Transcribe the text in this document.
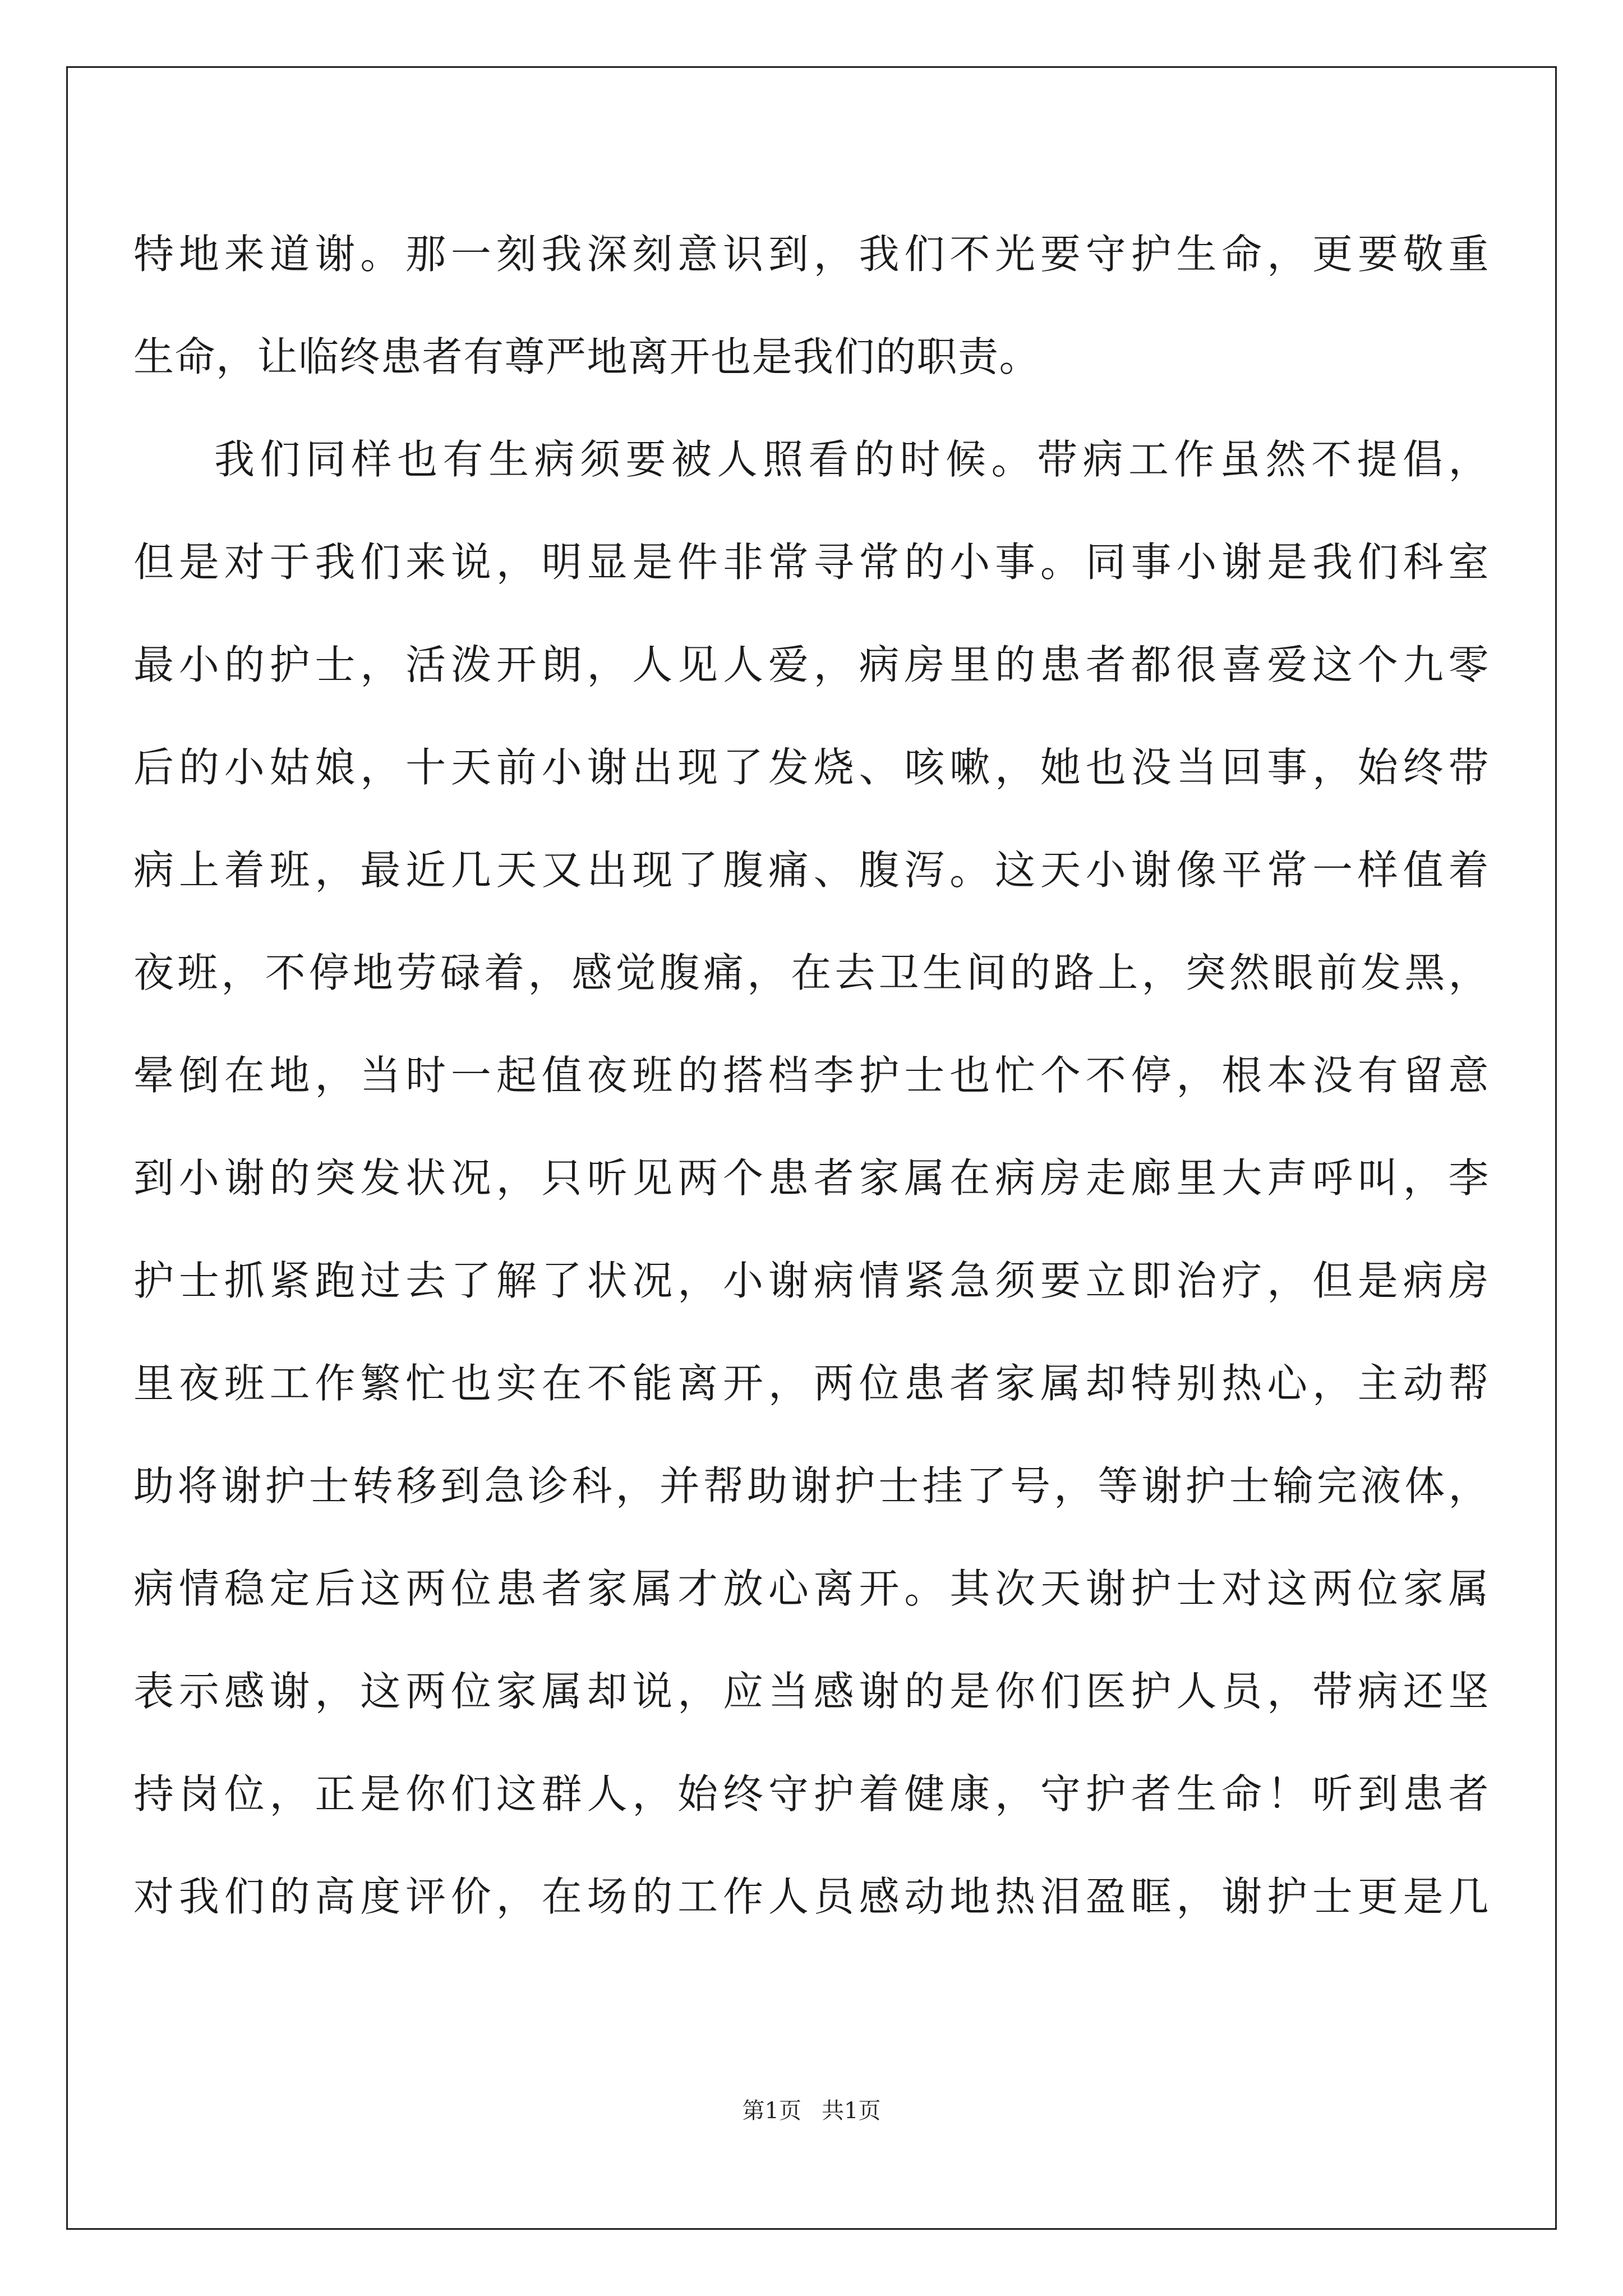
特地来道谢。那一刻我深刻意识到，我们不光要守护生命，更要敬重
生命，让临终患者有尊严地离开也是我们的职责。
我们同样也有生病须要被人照看的时候。带病工作虽然不提倡，
但是对于我们来说，明显是件非常寻常的小事。同事小谢是我们科室
最小的护士，活泼开朗，人见人爱，病房里的患者都很喜爱这个九零
后的小姑娘，十天前小谢出现了发烧、咳嗽，她也没当回事，始终带
病上着班，最近几天又出现了腹痛、腹泻。这天小谢像平常一样值着
夜班，不停地劳碌着，感觉腹痛，在去卫生间的路上，突然眼前发黑，
晕倒在地，当时一起值夜班的搭档李护士也忙个不停，根本没有留意
到小谢的突发状况，只听见两个患者家属在病房走廊里大声呼叫，李
护士抓紧跑过去了解了状况，小谢病情紧急须要立即治疗，但是病房
里夜班工作繁忙也实在不能离开，两位患者家属却特别热心，主动帮
助将谢护士转移到急诊科，并帮助谢护士挂了号，等谢护士输完液体，
病情稳定后这两位患者家属才放心离开。其次天谢护士对这两位家属
表示感谢，这两位家属却说，应当感谢的是你们医护人员，带病还坚
持岗位，正是你们这群人，始终守护着健康，守护者生命！听到患者
对我们的高度评价，在场的工作人员感动地热泪盈眶，谢护士更是几
第1页 共1页
